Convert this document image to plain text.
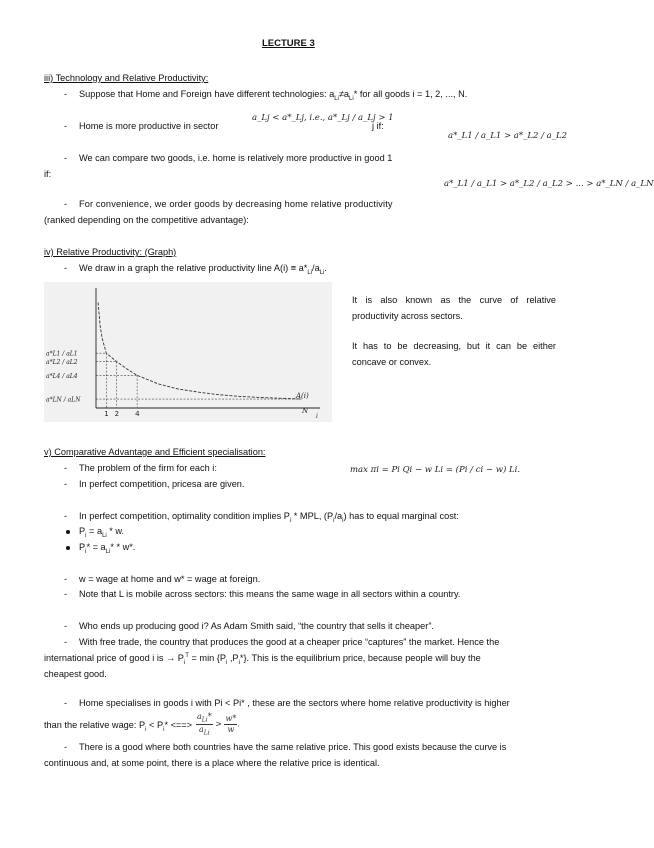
LECTURE 3
iii) Technology and Relative Productivity:
- Suppose that Home and Foreign have different technologies: $a_{Li}\ne a_{Li}*$ for all goods i = 1, 2, ..., N.
- Home is more productive in sector
a_Lj < a*_Lj, i.e., a*_Lj / a_Lj > 1
j if:
a*_L1 / a_L1 > a*_L2 / a_L2
- We can compare two goods, i.e. home is relatively more productive in good 1
if:
a*_L1 / a_L1 > a*_L2 / a_L2 > ... > a*_LN / a_LN
- For convenience, we order goods by decreasing home relative productivity
(ranked depending on the competitive advantage):
iv) Relative Productivity: (Graph)
- We draw in a graph the relative productivity line $A(i) \equiv a*_{Li}/a_{Li}$.
a*L1 / aL1
a*L2 / aL2
a*L4 / aL4
a*LN / aLN
1 2 4
A(i)
N
i
It is also known as the curve of relative productivity across sectors.
It has to be decreasing, but it can be either concave or convex.
v) Comparative Advantage and Efficient specialisation:
- The problem of the firm for each i:	max πi = Pi Qi − w Li = (Pi / ci − w) Li.
- In perfect competition, pricesa are given.
- In perfect competition, optimality condition implies $P_i$ * MPL, $(P_i/a_i)$ has to equal marginal cost:
$P_i = a_{Li} * w$.
$P_i* = a_{Li}* * w*$.
- w = wage at home and w* = wage at foreign.
- Note that L is mobile across sectors: this means the same wage in all sectors within a country.
- Who ends up producing good i? As Adam Smith said, “the country that sells it cheaper”.
- With free trade, the country that produces the good at a cheaper price “captures” the market. Hence the
international price of good i is → $P_i^T = \min \{P_i$ $,P_i*$}. This is the equilibrium price, because people will buy the
cheapest good.
- Home specialises in goods i with Pi < Pi* , these are the sectors where home relative productivity is higher
than the relative wage: $P_i < P_i*$ <==> $\frac{a_{Li}*}{a_{Li}} > \frac{w*}{w}$ .
- There is a good where both countries have the same relative price. This good exists because the curve is
continuous and, at some point, there is a place where the relative price is identical.
